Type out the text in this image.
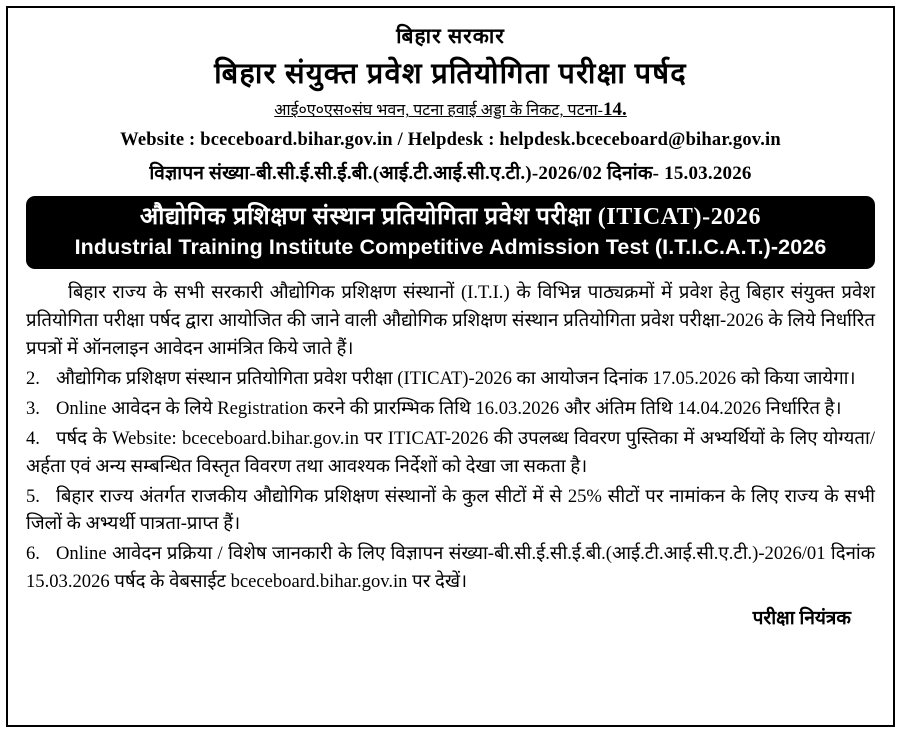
बिहार सरकार
बिहार संयुक्त प्रवेश प्रतियोगिता परीक्षा पर्षद
आई०ए०एस०संघ भवन, पटना हवाई अड्डा के निकट, पटना-14.
Website : bceceboard.bihar.gov.in / Helpdesk : helpdesk.bceceboard@bihar.gov.in
विज्ञापन संख्या-बी.सी.ई.सी.ई.बी.(आई.टी.आई.सी.ए.टी.)-2026/02 दिनांक- 15.03.2026
औद्योगिक प्रशिक्षण संस्थान प्रतियोगिता प्रवेश परीक्षा (ITICAT)-2026
Industrial Training Institute Competitive Admission Test (I.T.I.C.A.T.)-2026
बिहार राज्य के सभी सरकारी औद्योगिक प्रशिक्षण संस्थानों (I.T.I.) के विभिन्न पाठ्यक्रमों में प्रवेश हेतु बिहार संयुक्त प्रवेश प्रतियोगिता परीक्षा पर्षद द्वारा आयोजित की जाने वाली औद्योगिक प्रशिक्षण संस्थान प्रतियोगिता प्रवेश परीक्षा-2026 के लिये निर्धारित प्रपत्रों में ऑनलाइन आवेदन आमंत्रित किये जाते हैं।
2. औद्योगिक प्रशिक्षण संस्थान प्रतियोगिता प्रवेश परीक्षा (ITICAT)-2026 का आयोजन दिनांक 17.05.2026 को किया जायेगा।
3. Online आवेदन के लिये Registration करने की प्रारम्भिक तिथि 16.03.2026 और अंतिम तिथि 14.04.2026 निर्धारित है।
4. पर्षद के Website: bceceboard.bihar.gov.in पर ITICAT-2026 की उपलब्ध विवरण पुस्तिका में अभ्यर्थियों के लिए योग्यता/ अर्हता एवं अन्य सम्बन्धित विस्तृत विवरण तथा आवश्यक निर्देशों को देखा जा सकता है।
5. बिहार राज्य अंतर्गत राजकीय औद्योगिक प्रशिक्षण संस्थानों के कुल सीटों में से 25% सीटों पर नामांकन के लिए राज्य के सभी जिलों के अभ्यर्थी पात्रता-प्राप्त हैं।
6. Online आवेदन प्रक्रिया / विशेष जानकारी के लिए विज्ञापन संख्या-बी.सी.ई.सी.ई.बी.(आई.टी.आई.सी.ए.टी.)-2026/01 दिनांक 15.03.2026 पर्षद के वेबसाईट bceceboard.bihar.gov.in पर देखें।
परीक्षा नियंत्रक
